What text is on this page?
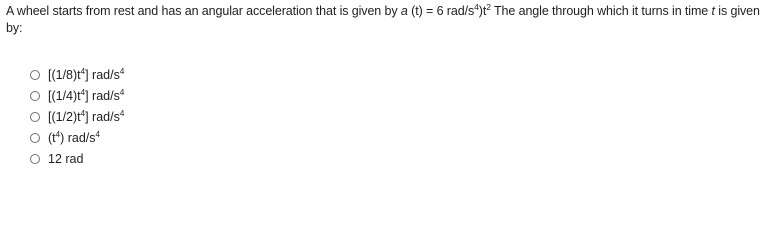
A wheel starts from rest and has an angular acceleration that is given by a (t) = 6 rad/$s^4)t^2$ The angle through which it turns in time t is given by:
$[(1/8)t^4]$ rad/$s^4$
$[(1/4)t^4]$ rad/$s^4$
$[(1/2)t^4]$ rad/$s^4$
$(t^4)$ rad/$s^4$
12 rad
